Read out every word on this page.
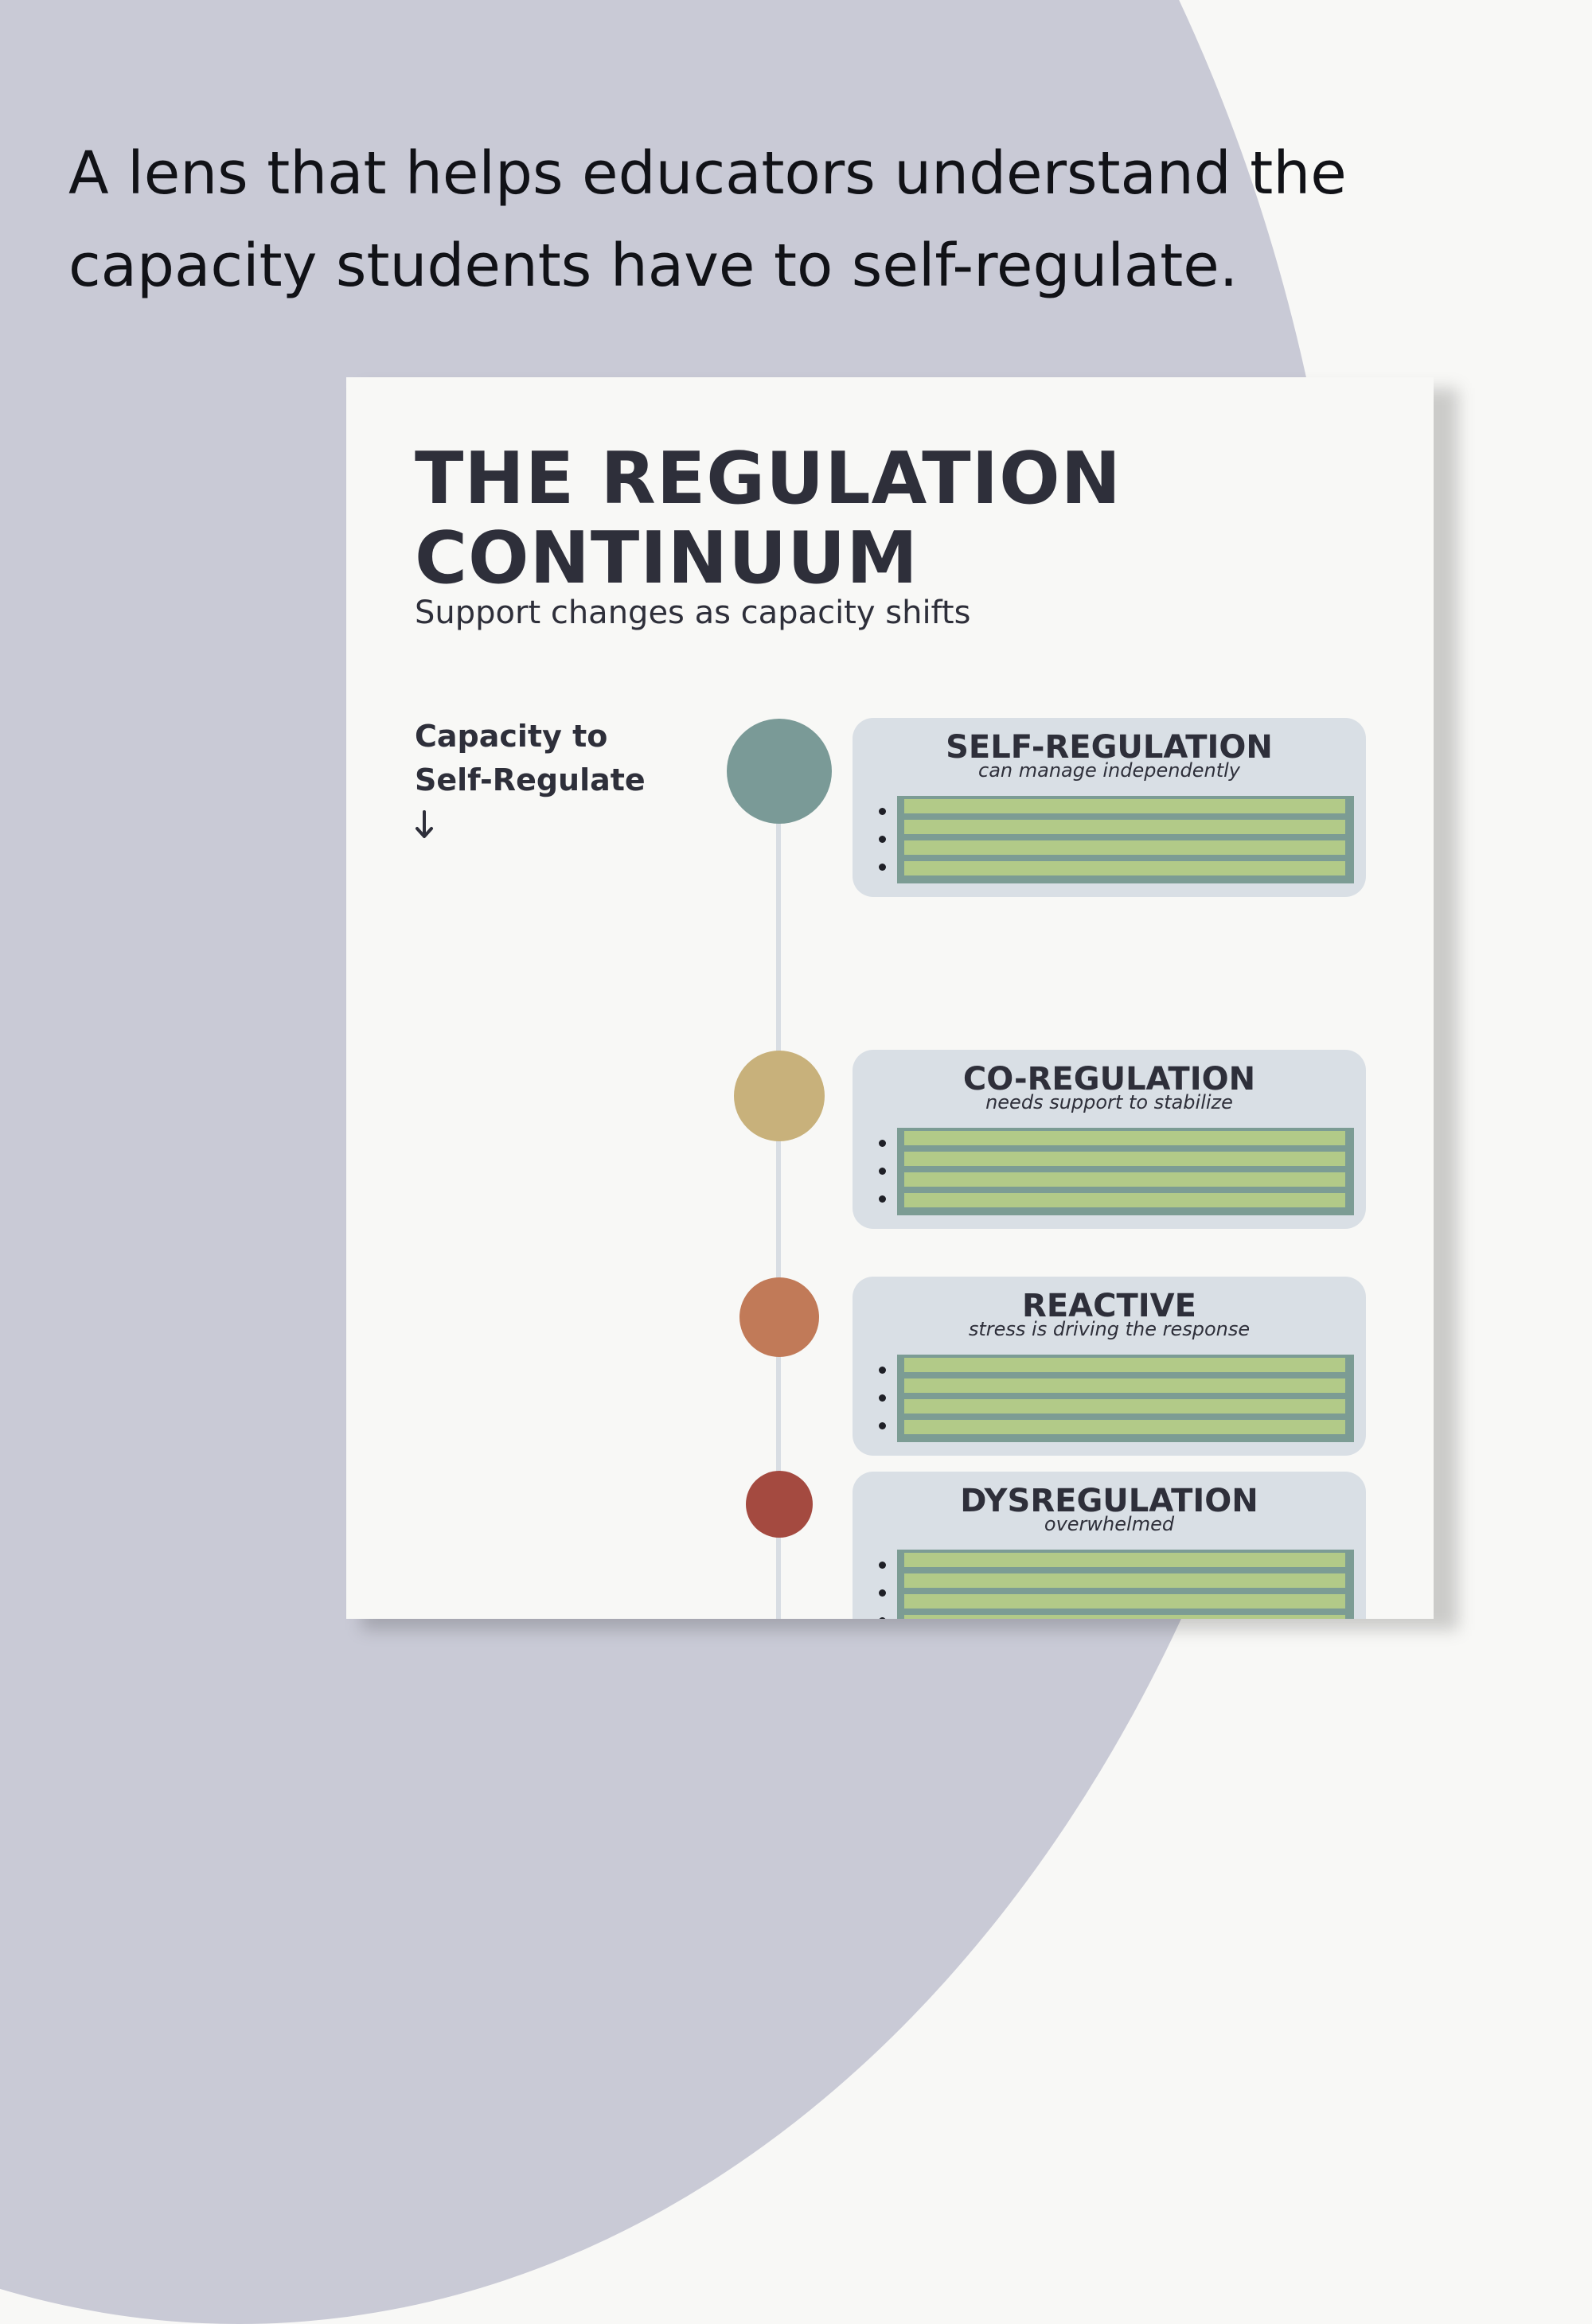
A lens that helps educators understand the capacity students have to self-regulate.

THE REGULATION CONTINUUM

Support changes as capacity shifts

Capacity to Self-Regulate

SELF-REGULATION

can manage independently

CO-REGULATION

needs support to stabilize

REACTIVE

stress is driving the response

DYSREGULATION

overwhelmed
